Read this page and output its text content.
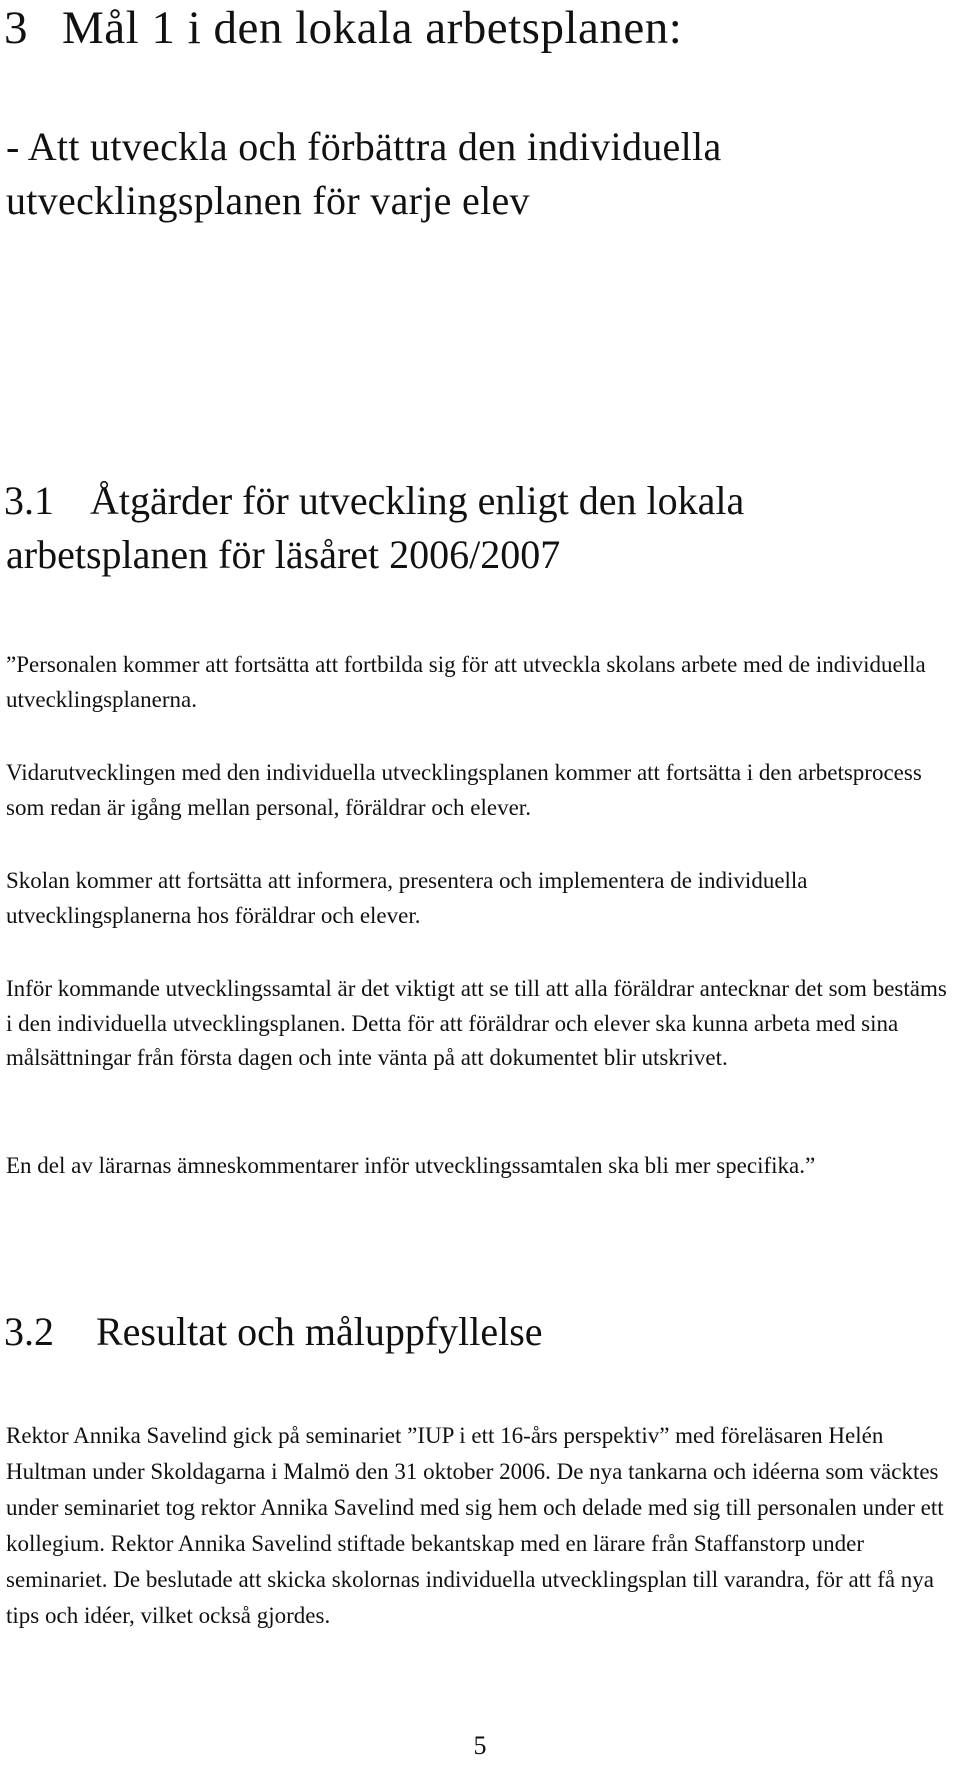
3 Mål 1 i den lokala arbetsplanen:
- Att utveckla och förbättra den individuella
utvecklingsplanen för varje elev
3.1 Åtgärder för utveckling enligt den lokala
arbetsplanen för läsåret 2006/2007

”Personalen kommer att fortsätta att fortbilda sig för att utveckla skolans arbete med de individuella utvecklingsplanerna.

Vidarutvecklingen med den individuella utvecklingsplanen kommer att fortsätta i den arbetsprocess som redan är igång mellan personal, föräldrar och elever.

Skolan kommer att fortsätta att informera, presentera och implementera de individuella utvecklingsplanerna hos föräldrar och elever.

Inför kommande utvecklingssamtal är det viktigt att se till att alla föräldrar antecknar det som bestäms i den individuella utvecklingsplanen. Detta för att föräldrar och elever ska kunna arbeta med sina målsättningar från första dagen och inte vänta på att dokumentet blir utskrivet.

En del av lärarnas ämneskommentarer inför utvecklingssamtalen ska bli mer specifika.”

3.2 Resultat och måluppfyllelse

Rektor Annika Savelind gick på seminariet ”IUP i ett 16-års perspektiv” med föreläsaren Helén Hultman under Skoldagarna i Malmö den 31 oktober 2006. De nya tankarna och idéerna som väcktes under seminariet tog rektor Annika Savelind med sig hem och delade med sig till personalen under ett kollegium. Rektor Annika Savelind stiftade bekantskap med en lärare från Staffanstorp under seminariet. De beslutade att skicka skolornas individuella utvecklingsplan till varandra, för att få nya tips och idéer, vilket också gjordes.

5
